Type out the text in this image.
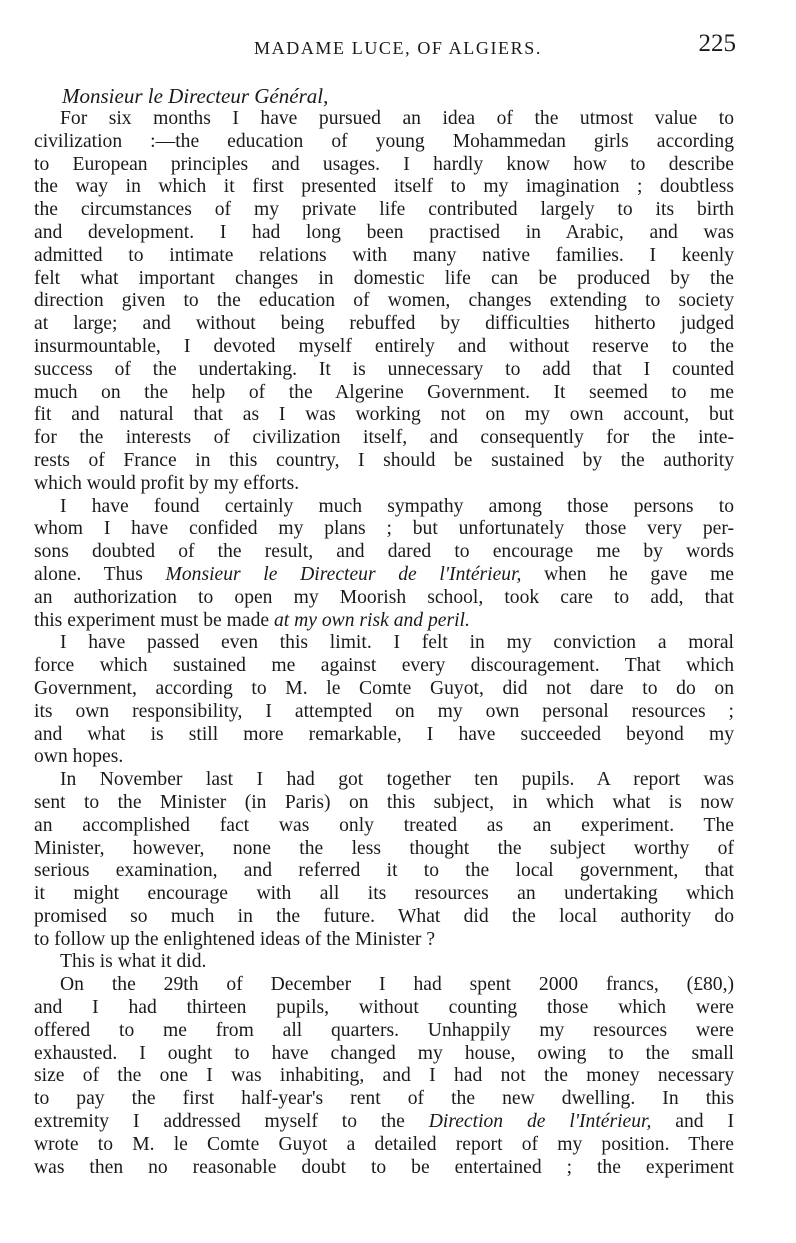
MADAME LUCE, OF ALGIERS.	225
Monsieur le Directeur Général,
For six months I have pursued an idea of the utmost value to
civilization :—the education of young Mohammedan girls according
to European principles and usages. I hardly know how to describe
the way in which it first presented itself to my imagination ; doubtless
the circumstances of my private life contributed largely to its birth
and development. I had long been practised in Arabic, and was
admitted to intimate relations with many native families. I keenly
felt what important changes in domestic life can be produced by the
direction given to the education of women, changes extending to society
at large; and without being rebuffed by difficulties hitherto judged
insurmountable, I devoted myself entirely and without reserve to the
success of the undertaking. It is unnecessary to add that I counted
much on the help of the Algerine Government. It seemed to me
fit and natural that as I was working not on my own account, but
for the interests of civilization itself, and consequently for the inte-
rests of France in this country, I should be sustained by the authority
which would profit by my efforts.
I have found certainly much sympathy among those persons to
whom I have confided my plans ; but unfortunately those very per-
sons doubted of the result, and dared to encourage me by words
alone. Thus Monsieur le Directeur de l'Intérieur, when he gave me
an authorization to open my Moorish school, took care to add, that
this experiment must be made at my own risk and peril.
I have passed even this limit. I felt in my conviction a moral
force which sustained me against every discouragement. That which
Government, according to M. le Comte Guyot, did not dare to do on
its own responsibility, I attempted on my own personal resources ;
and what is still more remarkable, I have succeeded beyond my
own hopes.
In November last I had got together ten pupils. A report was
sent to the Minister (in Paris) on this subject, in which what is now
an accomplished fact was only treated as an experiment. The
Minister, however, none the less thought the subject worthy of
serious examination, and referred it to the local government, that
it might encourage with all its resources an undertaking which
promised so much in the future. What did the local authority do
to follow up the enlightened ideas of the Minister ?
This is what it did.
On the 29th of December I had spent 2000 francs, (£80,)
and I had thirteen pupils, without counting those which were
offered to me from all quarters. Unhappily my resources were
exhausted. I ought to have changed my house, owing to the small
size of the one I was inhabiting, and I had not the money necessary
to pay the first half-year's rent of the new dwelling. In this
extremity I addressed myself to the Direction de l'Intérieur, and I
wrote to M. le Comte Guyot a detailed report of my position. There
was then no reasonable doubt to be entertained ; the experiment
